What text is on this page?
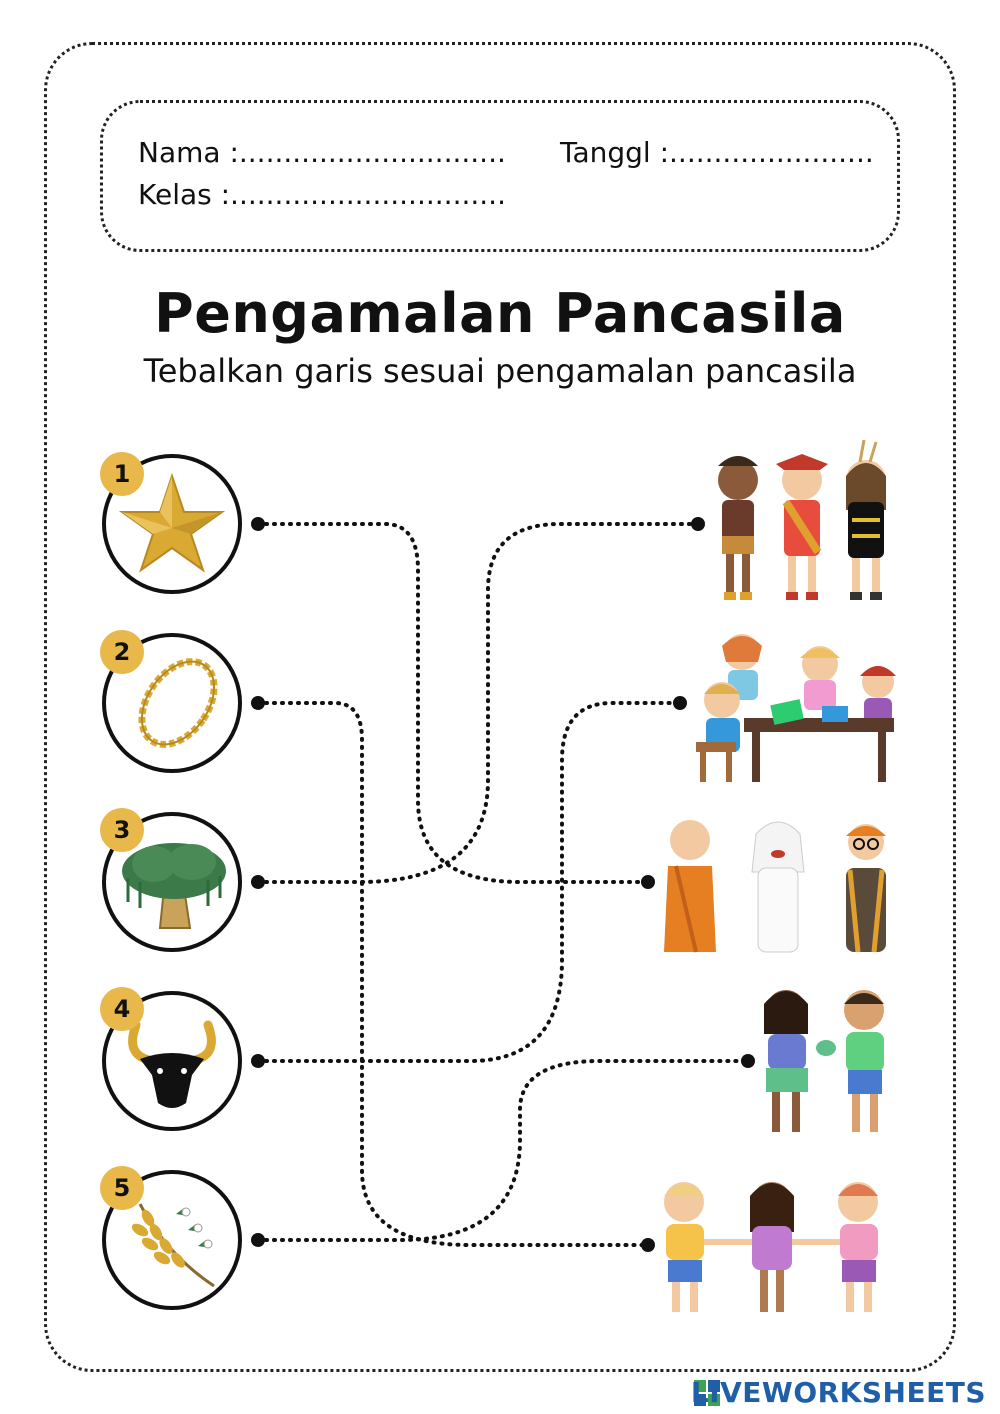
Nama :.............................. Tanggl :.......................
Kelas :...............................
Pengamalan Pancasila
Tebalkan garis sesuai pengamalan pancasila
1
2
3
4
5
LIVEWORKSHEETS
